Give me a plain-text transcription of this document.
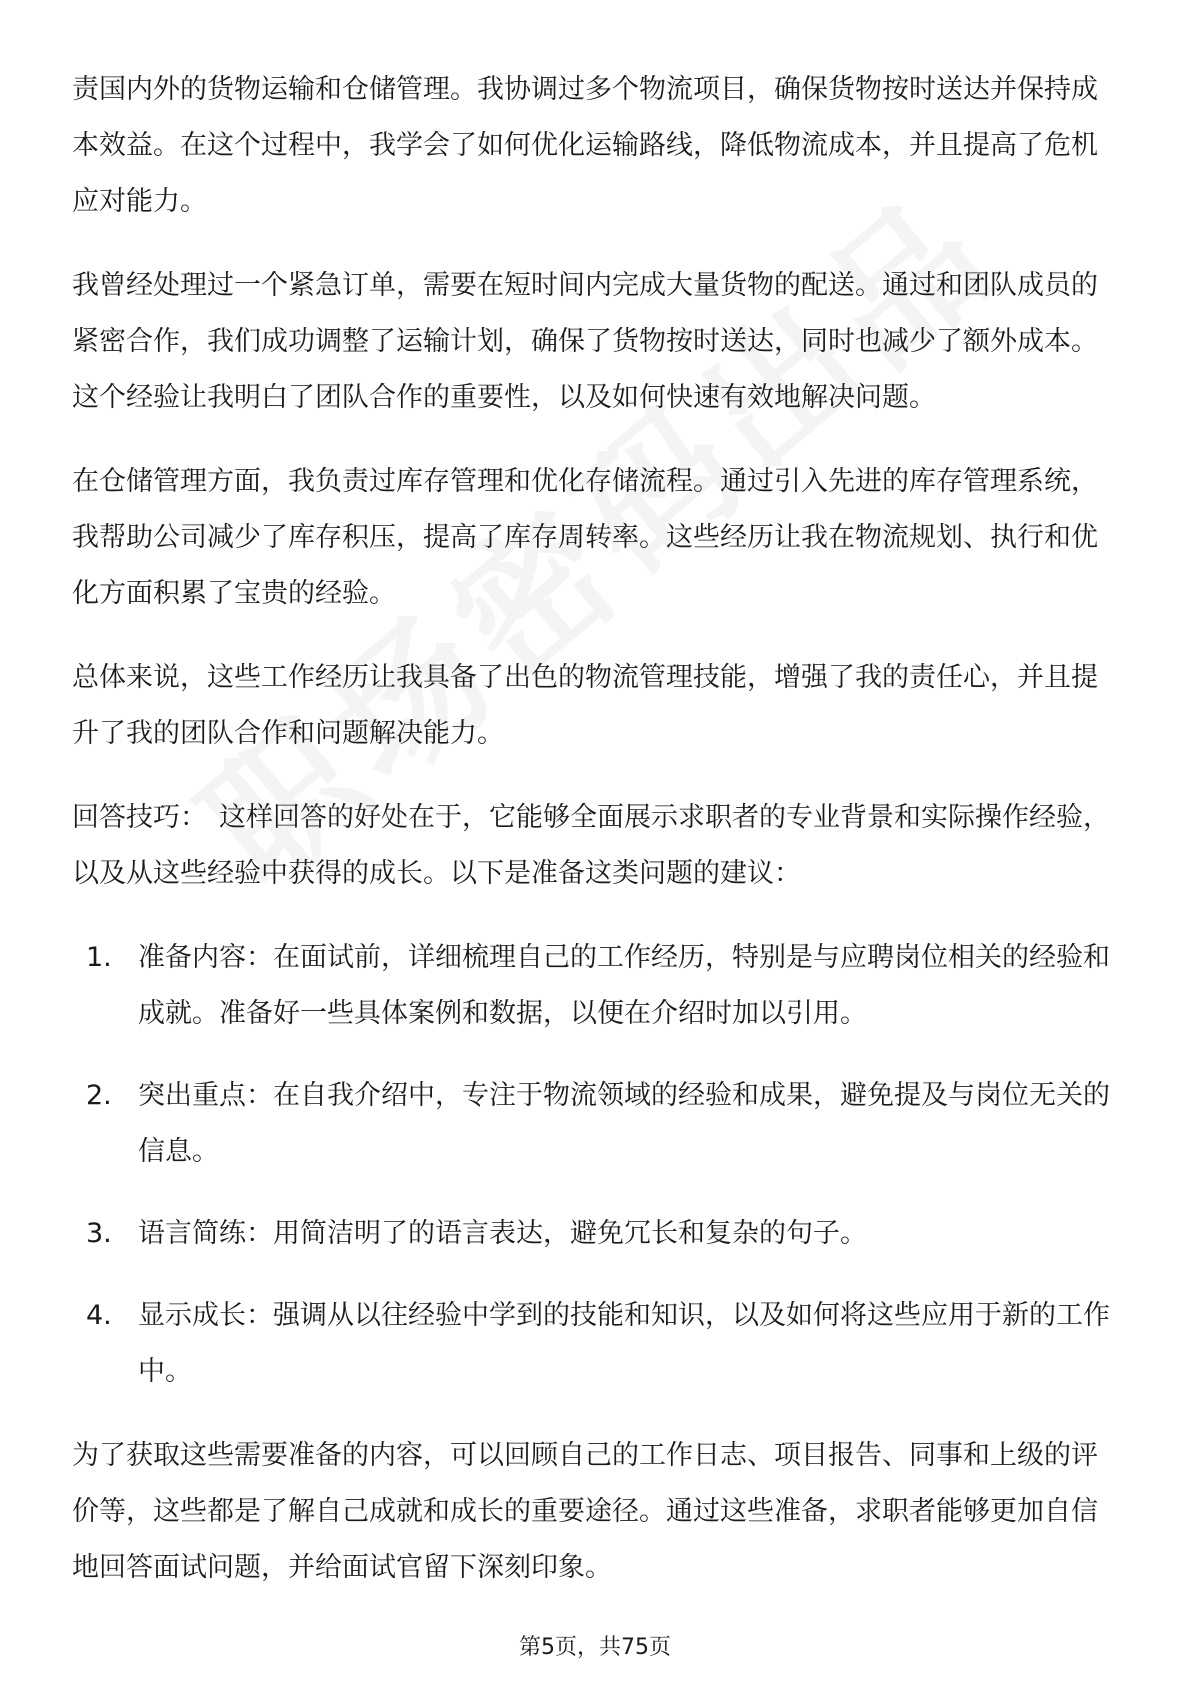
责国内外的货物运输和仓储管理。我协调过多个物流项目，确保货物按时送达并保持成本效益。在这个过程中，我学会了如何优化运输路线，降低物流成本，并且提高了危机应对能力。

我曾经处理过一个紧急订单，需要在短时间内完成大量货物的配送。通过和团队成员的紧密合作，我们成功调整了运输计划，确保了货物按时送达，同时也减少了额外成本。这个经验让我明白了团队合作的重要性，以及如何快速有效地解决问题。

在仓储管理方面，我负责过库存管理和优化存储流程。通过引入先进的库存管理系统，我帮助公司减少了库存积压，提高了库存周转率。这些经历让我在物流规划、执行和优化方面积累了宝贵的经验。

总体来说，这些工作经历让我具备了出色的物流管理技能，增强了我的责任心，并且提升了我的团队合作和问题解决能力。

回答技巧： 这样回答的好处在于，它能够全面展示求职者的专业背景和实际操作经验，以及从这些经验中获得的成长。以下是准备这类问题的建议：

1. 准备内容：在面试前，详细梳理自己的工作经历，特别是与应聘岗位相关的经验和成就。准备好一些具体案例和数据，以便在介绍时加以引用。
2. 突出重点：在自我介绍中，专注于物流领域的经验和成果，避免提及与岗位无关的信息。
3. 语言简练：用简洁明了的语言表达，避免冗长和复杂的句子。
4. 显示成长：强调从以往经验中学到的技能和知识，以及如何将这些应用于新的工作中。

为了获取这些需要准备的内容，可以回顾自己的工作日志、项目报告、同事和上级的评价等，这些都是了解自己成就和成长的重要途径。通过这些准备，求职者能够更加自信地回答面试问题，并给面试官留下深刻印象。

第5页，共75页
